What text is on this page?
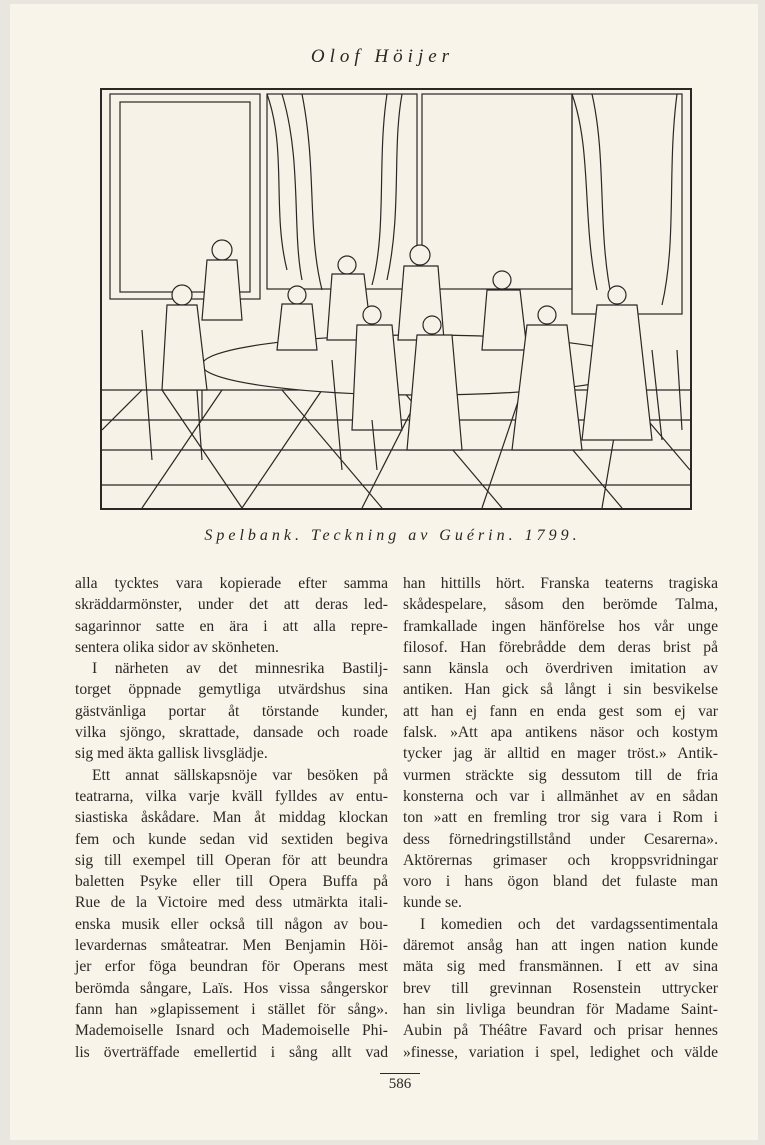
Olof Höijer
Spelbank. Teckning av Guérin. 1799.
alla tycktes vara kopierade efter samma
skräddarmönster, under det att deras led-
sagarinnor satte en ära i att alla repre-
sentera olika sidor av skönheten.
I närheten av det minnesrika Bastilj-
torget öppnade gemytliga utvärdshus sina
gästvänliga portar åt törstande kunder,
vilka sjöngo, skrattade, dansade och roade
sig med äkta gallisk livsglädje.
Ett annat sällskapsnöje var besöken på
teatrarna, vilka varje kväll fylldes av entu-
siastiska åskådare. Man åt middag klockan
fem och kunde sedan vid sextiden begiva
sig till exempel till Operan för att beundra
baletten Psyke eller till Opera Buffa på
Rue de la Victoire med dess utmärkta itali-
enska musik eller också till någon av bou-
levardernas småteatrar. Men Benjamin Höi-
jer erfor föga beundran för Operans mest
berömda sångare, Laïs. Hos vissa sångerskor
fann han »glapissement i stället för sång».
Mademoiselle Isnard och Mademoiselle Phi-
lis överträffade emellertid i sång allt vad
han hittills hört. Franska teaterns tragiska
skådespelare, såsom den berömde Talma,
framkallade ingen hänförelse hos vår unge
filosof. Han förebrådde dem deras brist på
sann känsla och överdriven imitation av
antiken. Han gick så långt i sin besvikelse
att han ej fann en enda gest som ej var
falsk. »Att apa antikens näsor och kostym
tycker jag är alltid en mager tröst.» Antik-
vurmen sträckte sig dessutom till de fria
konsterna och var i allmänhet av en sådan
ton »att en fremling tror sig vara i Rom i
dess förnedringstillstånd under Cesarerna».
Aktörernas grimaser och kroppsvridningar
voro i hans ögon bland det fulaste man
kunde se.
I komedien och det vardagssentimentala
däremot ansåg han att ingen nation kunde
mäta sig med fransmännen. I ett av sina
brev till grevinnan Rosenstein uttrycker
han sin livliga beundran för Madame Saint-
Aubin på Théâtre Favard och prisar hennes
»finesse, variation i spel, ledighet och välde
586
